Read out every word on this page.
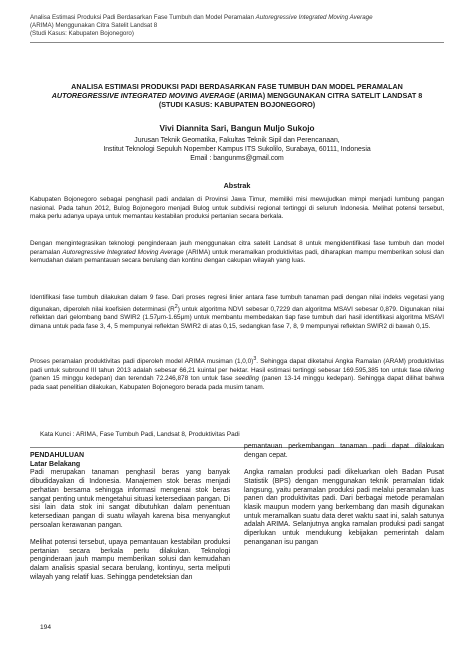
Analisa Estimasi Produksi Padi Berdasarkan Fase Tumbuh dan Model Peramalan Autoregressive Integrated Moving Average
(ARIMA) Menggunakan Citra Satelit Landsat 8
(Studi Kasus: Kabupaten Bojonegoro)
ANALISA ESTIMASI PRODUKSI PADI BERDASARKAN FASE TUMBUH DAN MODEL PERAMALAN
AUTOREGRESSIVE INTEGRATED MOVING AVERAGE (ARIMA) MENGGUNAKAN CITRA SATELIT LANDSAT 8
(STUDI KASUS: KABUPATEN BOJONEGORO)
Vivi Diannita Sari, Bangun Muljo Sukojo
Jurusan Teknik Geomatika, Fakultas Teknik Sipil dan Perencanaan,
Institut Teknologi Sepuluh Nopember Kampus ITS Sukolilo, Surabaya, 60111, Indonesia
Email : bangunms@gmail.com
Abstrak
Kabupaten Bojonegoro sebagai penghasil padi andalan di Provinsi Jawa Timur, memiliki misi mewujudkan mimpi menjadi lumbung pangan nasional. Pada tahun 2012, Bulog Bojonegoro menjadi Bulog untuk subdivisi regional tertinggi di seluruh Indonesia. Melihat potensi tersebut, maka perlu adanya upaya untuk memantau kestabilan produksi pertanian secara berkala.
Dengan mengintegrasikan teknologi penginderaan jauh menggunakan citra satelit Landsat 8 untuk mengidentifikasi fase tumbuh dan model peramalan Autoregressive Integrated Moving Average (ARIMA) untuk meramalkan produktivitas padi, diharapkan mampu memberikan solusi dan kemudahan dalam pemantauan secara berulang dan kontinu dengan cakupan wilayah yang luas.
Identifikasi fase tumbuh dilakukan dalam 9 fase. Dari proses regresi linier antara fase tumbuh tanaman padi dengan nilai indeks vegetasi yang digunakan, diperoleh nilai koefisien determinasi $(R^2)$ untuk algoritma NDVI sebesar 0,7229 dan algoritma MSAVI sebesar 0,879. Digunakan nilai reflektan dari gelombang band SWIR2 (1.57μm-1.65μm) untuk membantu membedakan tiap fase tumbuh dari hasil identifikasi algoritma MSAVI dimana untuk pada fase 3, 4, 5 mempunyai reflektan SWIR2 di atas 0,15, sedangkan fase 7, 8, 9 mempunyai reflektan SWIR2 di bawah 0,15.
Proses peramalan produktivitas padi diperoleh model ARIMA musiman $(1,0,0)^3$. Sehingga dapat diketahui Angka Ramalan (ARAM) produktivitas padi untuk subround III tahun 2013 adalah sebesar 66,21 kuintal per hektar. Hasil estimasi tertinggi sebesar 169.595,385 ton untuk fase tillering (panen 15 minggu kedepan) dan terendah 72.246,878 ton untuk fase seedling (panen 13-14 minggu kedepan). Sehingga dapat dilihat bahwa pada saat penelitian dilakukan, Kabupaten Bojonegoro berada pada musim tanam.
Kata Kunci : ARIMA, Fase Tumbuh Padi, Landsat 8, Produktivitas Padi
PENDAHULUAN
Latar Belakang

Padi merupakan tanaman penghasil beras yang banyak dibudidayakan di Indonesia. Manajemen stok beras menjadi perhatian bersama sehingga informasi mengenai stok beras sangat penting untuk mengetahui situasi ketersediaan pangan. Di sisi lain data stok ini sangat dibutuhkan dalam penentuan ketersediaan pangan di suatu wilayah karena bisa menyangkut persoalan kerawanan pangan.

Melihat potensi tersebut, upaya pemantauan kestabilan produksi pertanian secara berkala perlu dilakukan. Teknologi penginderaan jauh mampu memberikan solusi dan kemudahan dalam analisis spasial secara berulang, kontinyu, serta meliputi wilayah yang relatif luas. Sehingga pendeteksian dan

pemantauan perkembangan tanaman padi dapat dilakukan dengan cepat.

Angka ramalan produksi padi dikeluarkan oleh Badan Pusat Statistik (BPS) dengan menggunakan teknik peramalan tidak langsung, yaitu peramalan produksi padi melalui peramalan luas panen dan produktivitas padi. Dari berbagai metode peramalan klasik maupun modern yang berkembang dan masih digunakan untuk meramalkan suatu data deret waktu saat ini, salah satunya adalah ARIMA. Selanjutnya angka ramalan produksi padi sangat diperlukan untuk mendukung kebijakan pemerintah dalam penanganan isu pangan

194
